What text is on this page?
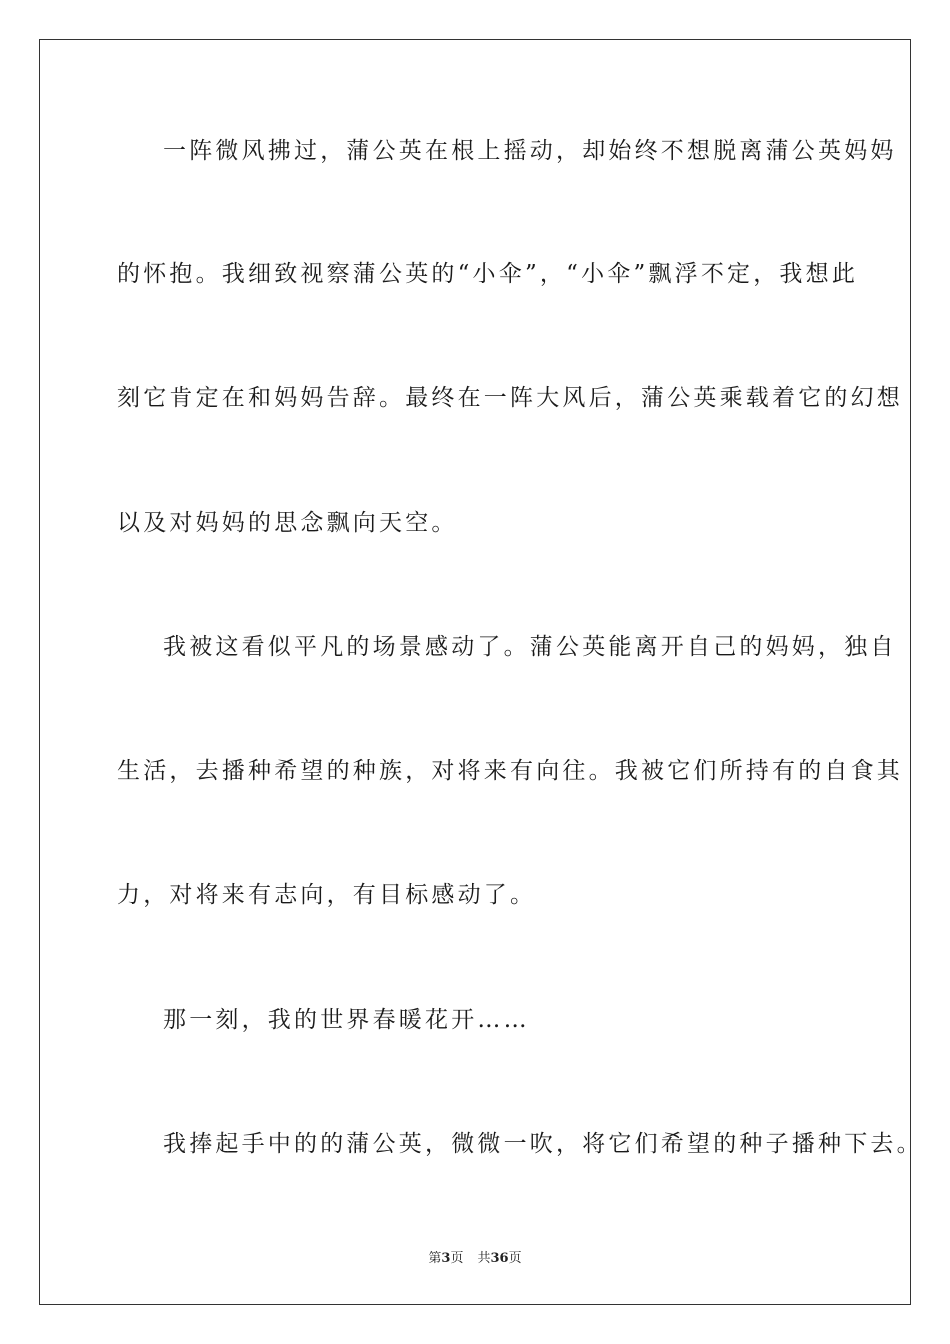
一阵微风拂过，蒲公英在根上摇动，却始终不想脱离蒲公英妈妈
的怀抱。我细致视察蒲公英的“小伞”，“小伞”飘浮不定，我想此
刻它肯定在和妈妈告辞。最终在一阵大风后，蒲公英乘载着它的幻想
以及对妈妈的思念飘向天空。
我被这看似平凡的场景感动了。蒲公英能离开自己的妈妈，独自
生活，去播种希望的种族，对将来有向往。我被它们所持有的自食其
力，对将来有志向，有目标感动了。
那一刻，我的世界春暖花开……
我捧起手中的的蒲公英，微微一吹，将它们希望的种子播种下去。
第3页 共36页
